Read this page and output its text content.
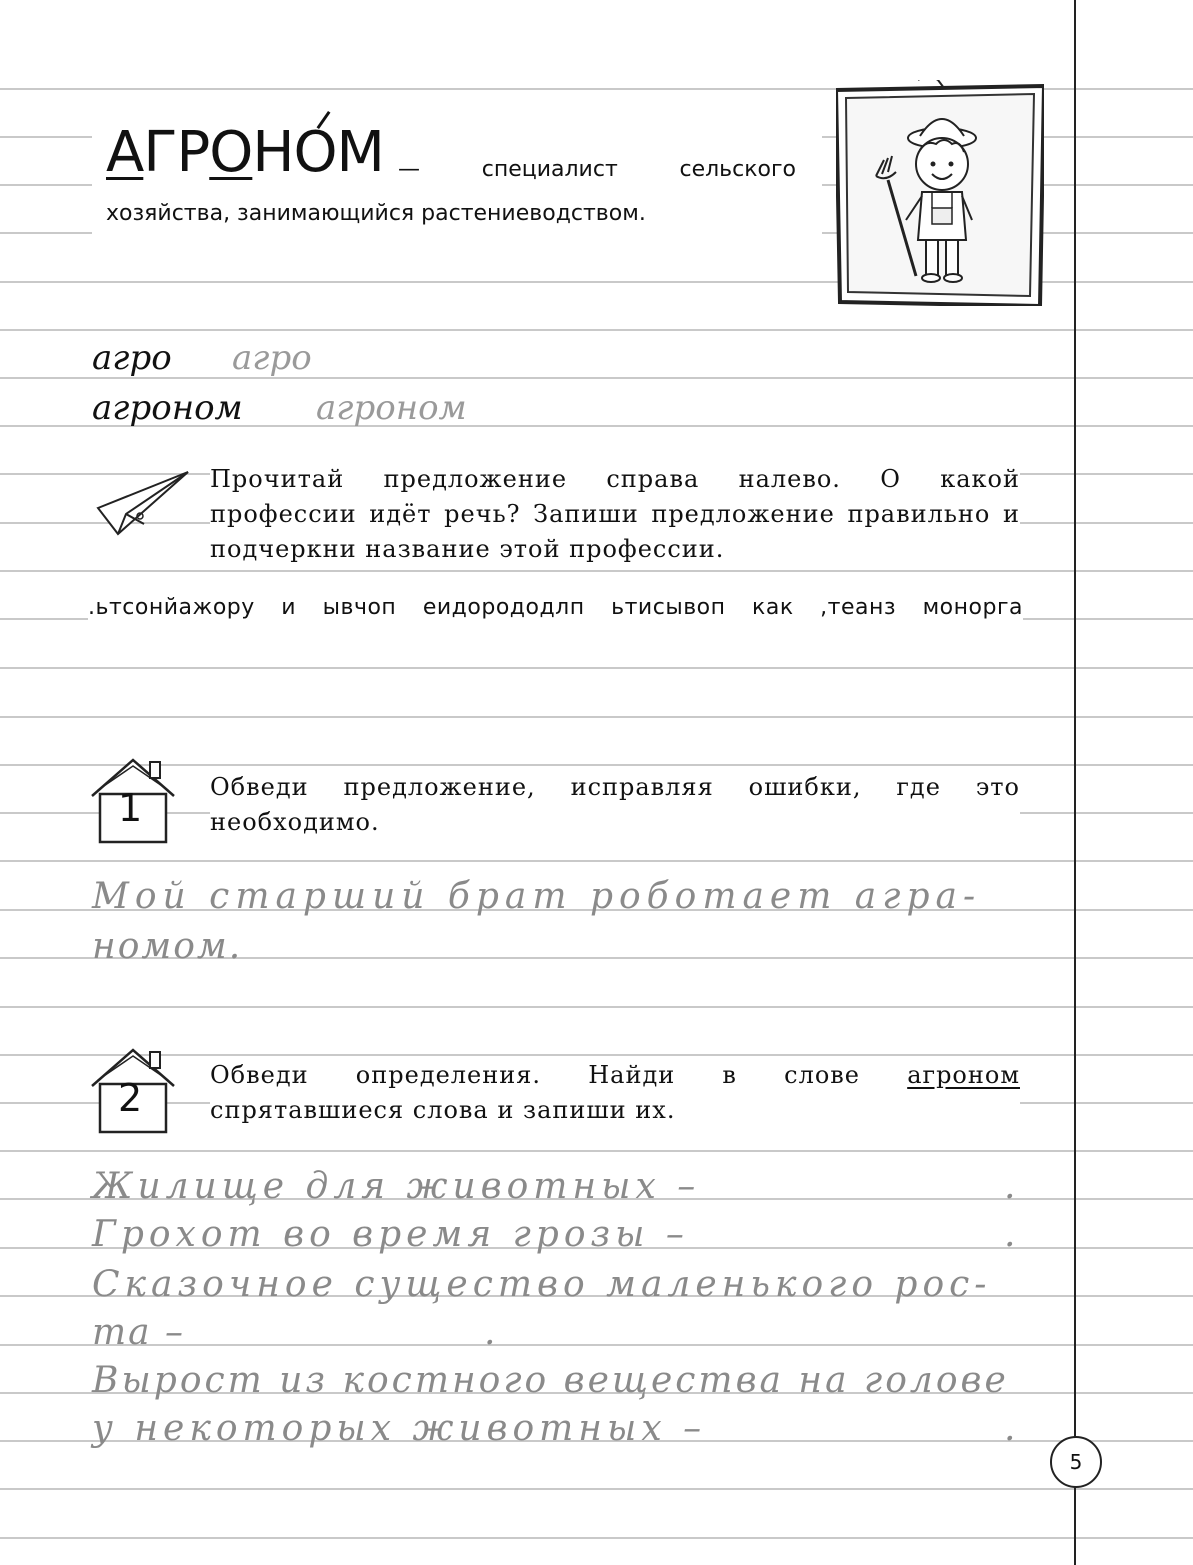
АГРОНОМ — специалист сельского хозяйства, занимающийся растениеводством.
агро агро
агроном агроном
Прочитай предложение справа налево. О какой профессии идёт речь? Запиши предложение правильно и подчеркни название этой профессии.
.ьтсонйажору и ывчоп еидорододлп ьтисывоп как ,теанз монорга
1	Обведи предложение, исправляя ошибки, где это необходимо.
Мой старший брат роботает агра-
номом.
2
Обведи определения. Найди в слове агроном спрятавшиеся слова и запиши их.
Жилище для животных –	.
Грохот во время грозы –	.
Сказочное существо маленького рос-
та –	.
Вырост из костного вещества на голове
у некоторых животных –	.
5
